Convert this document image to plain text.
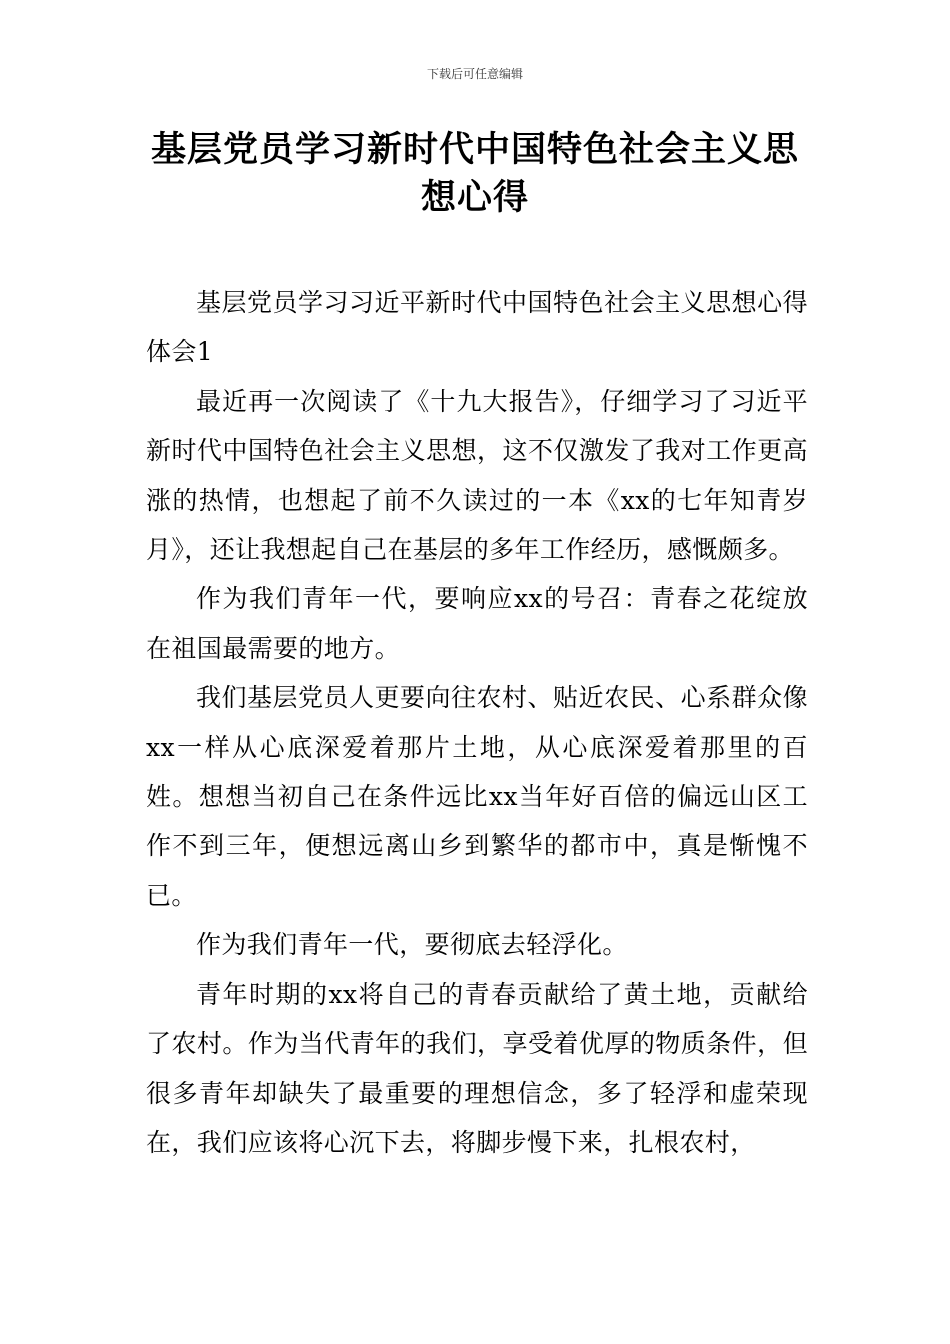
下载后可任意编辑
基层党员学习新时代中国特色社会主义思想心得

基层党员学习习近平新时代中国特色社会主义思想心得体会1

最近再一次阅读了《十九大报告》，仔细学习了习近平新时代中国特色社会主义思想，这不仅激发了我对工作更高涨的热情，也想起了前不久读过的一本《xx的七年知青岁月》，还让我想起自己在基层的多年工作经历，感慨颇多。

作为我们青年一代，要响应xx的号召：青春之花绽放在祖国最需要的地方。

我们基层党员人更要向往农村、贴近农民、心系群众像xx一样从心底深爱着那片土地，从心底深爱着那里的百姓。想想当初自己在条件远比xx当年好百倍的偏远山区工作不到三年，便想远离山乡到繁华的都市中，真是惭愧不已。

作为我们青年一代，要彻底去轻浮化。

青年时期的xx将自己的青春贡献给了黄土地，贡献给了农村。作为当代青年的我们，享受着优厚的物质条件，但很多青年却缺失了最重要的理想信念，多了轻浮和虚荣现在，我们应该将心沉下去，将脚步慢下来，扎根农村，
